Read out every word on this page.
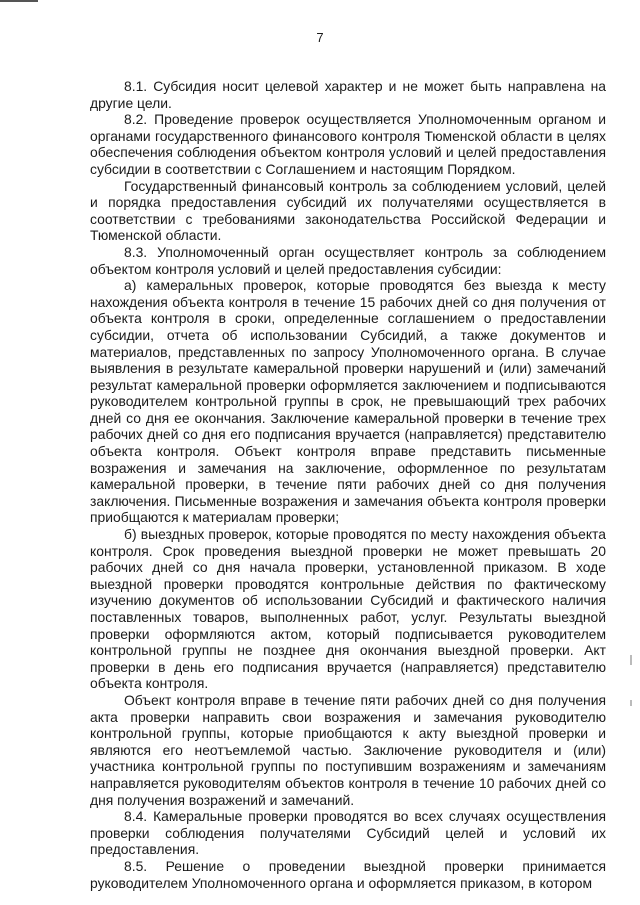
7

8.1. Субсидия носит целевой характер и не может быть направлена на другие цели.

8.2. Проведение проверок осуществляется Уполномоченным органом и органами государственного финансового контроля Тюменской области в целях обеспечения соблюдения объектом контроля условий и целей предоставления субсидии в соответствии с Соглашением и настоящим Порядком.

Государственный финансовый контроль за соблюдением условий, целей и порядка предоставления субсидий их получателями осуществляется в соответствии с требованиями законодательства Российской Федерации и Тюменской области.

8.3. Уполномоченный орган осуществляет контроль за соблюдением объектом контроля условий и целей предоставления субсидии:

а) камеральных проверок, которые проводятся без выезда к месту нахождения объекта контроля в течение 15 рабочих дней со дня получения от объекта контроля в сроки, определенные соглашением о предоставлении субсидии, отчета об использовании Субсидий, а также документов и материалов, представленных по запросу Уполномоченного органа. В случае выявления в результате камеральной проверки нарушений и (или) замечаний результат камеральной проверки оформляется заключением и подписываются руководителем контрольной группы в срок, не превышающий трех рабочих дней со дня ее окончания. Заключение камеральной проверки в течение трех рабочих дней со дня его подписания вручается (направляется) представителю объекта контроля. Объект контроля вправе представить письменные возражения и замечания на заключение, оформленное по результатам камеральной проверки, в течение пяти рабочих дней со дня получения заключения. Письменные возражения и замечания объекта контроля проверки приобщаются к материалам проверки;

б) выездных проверок, которые проводятся по месту нахождения объекта контроля. Срок проведения выездной проверки не может превышать 20 рабочих дней со дня начала проверки, установленной приказом. В ходе выездной проверки проводятся контрольные действия по фактическому изучению документов об использовании Субсидий и фактического наличия поставленных товаров, выполненных работ, услуг. Результаты выездной проверки оформляются актом, который подписывается руководителем контрольной группы не позднее дня окончания выездной проверки. Акт проверки в день его подписания вручается (направляется) представителю объекта контроля.

Объект контроля вправе в течение пяти рабочих дней со дня получения акта проверки направить свои возражения и замечания руководителю контрольной группы, которые приобщаются к акту выездной проверки и являются его неотъемлемой частью. Заключение руководителя и (или) участника контрольной группы по поступившим возражениям и замечаниям направляется руководителям объектов контроля в течение 10 рабочих дней со дня получения возражений и замечаний.

8.4. Камеральные проверки проводятся во всех случаях осуществления проверки соблюдения получателями Субсидий целей и условий их предоставления.

8.5. Решение о проведении выездной проверки принимается руководителем Уполномоченного органа и оформляется приказом, в котором
